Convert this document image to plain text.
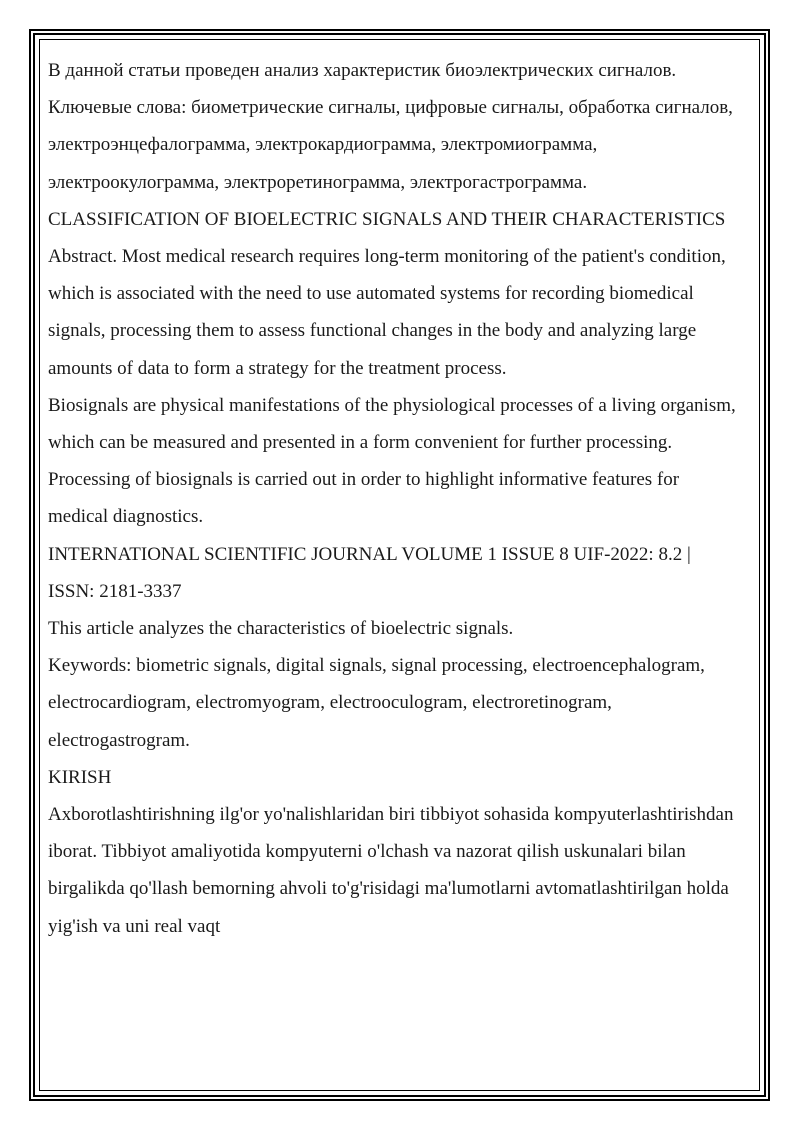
В данной статьи проведен анализ характеристик биоэлектрических сигналов. Ключевые слова: биометрические сигналы, цифровые сигналы, обработка сигналов, электроэнцефалограмма, электрокардиограмма, электромиограмма, электроокулограмма, электроретинограмма, электрогастрограмма.

CLASSIFICATION OF BIOELECTRIC SIGNALS AND THEIR CHARACTERISTICS Abstract. Most medical research requires long-term monitoring of the patient's condition, which is associated with the need to use automated systems for recording biomedical signals, processing them to assess functional changes in the body and analyzing large amounts of data to form a strategy for the treatment process.

Biosignals are physical manifestations of the physiological processes of a living organism, which can be measured and presented in a form convenient for further processing. Processing of biosignals is carried out in order to highlight informative features for medical diagnostics.

INTERNATIONAL SCIENTIFIC JOURNAL VOLUME 1 ISSUE 8 UIF-2022: 8.2 | ISSN: 2181-3337

This article analyzes the characteristics of bioelectric signals.

Keywords: biometric signals, digital signals, signal processing, electroencephalogram, electrocardiogram, electromyogram, electrooculogram, electroretinogram, electrogastrogram.

KIRISH

Axborotlashtirishning ilg'or yo'nalishlaridan biri tibbiyot sohasida kompyuterlashtirishdan iborat. Tibbiyot amaliyotida kompyuterni o'lchash va nazorat qilish uskunalari bilan birgalikda qo'llash bemorning ahvoli to'g'risidagi ma'lumotlarni avtomatlashtirilgan holda yig'ish va uni real vaqt
